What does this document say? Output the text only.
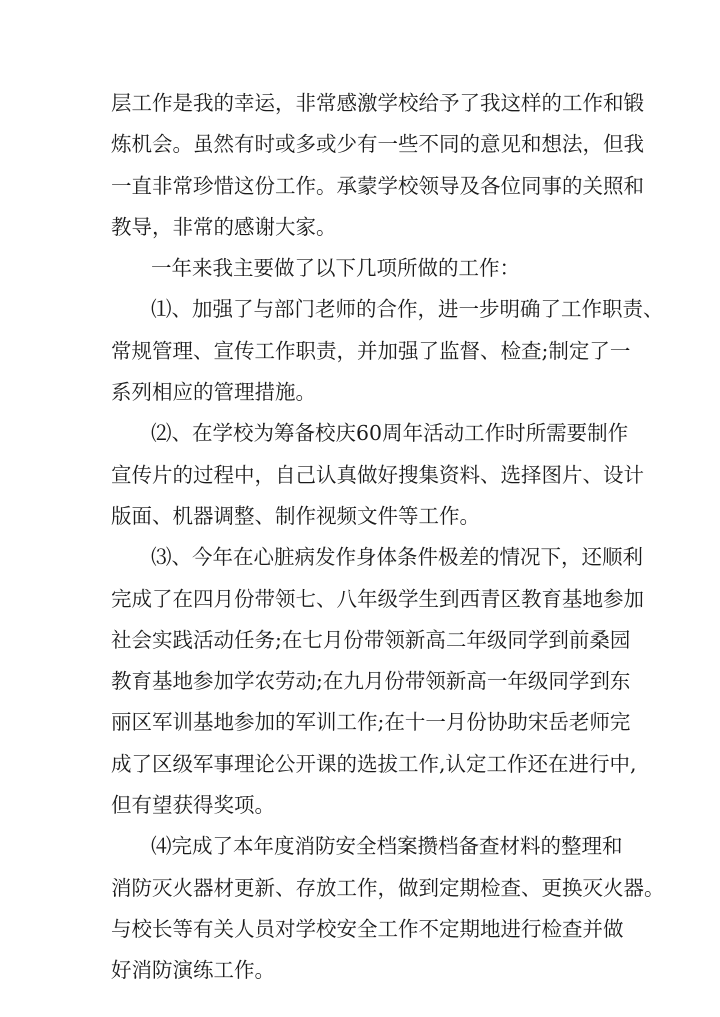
层工作是我的幸运，非常感激学校给予了我这样的工作和锻
炼机会。虽然有时或多或少有一些不同的意见和想法，但我
一直非常珍惜这份工作。承蒙学校领导及各位同事的关照和
教导，非常的感谢大家。
一年来我主要做了以下几项所做的工作：
⑴、加强了与部门老师的合作，进一步明确了工作职责、
常规管理、宣传工作职责，并加强了监督、检查;制定了一
系列相应的管理措施。
⑵、在学校为筹备校庆60周年活动工作时所需要制作
宣传片的过程中，自己认真做好搜集资料、选择图片、设计
版面、机器调整、制作视频文件等工作。
⑶、今年在心脏病发作身体条件极差的情况下，还顺利
完成了在四月份带领七、八年级学生到西青区教育基地参加
社会实践活动任务;在七月份带领新高二年级同学到前桑园
教育基地参加学农劳动;在九月份带领新高一年级同学到东
丽区军训基地参加的军训工作;在十一月份协助宋岳老师完
成了区级军事理论公开课的选拔工作,认定工作还在进行中,
但有望获得奖项。
⑷完成了本年度消防安全档案攒档备查材料的整理和
消防灭火器材更新、存放工作，做到定期检查、更换灭火器。
与校长等有关人员对学校安全工作不定期地进行检查并做
好消防演练工作。
